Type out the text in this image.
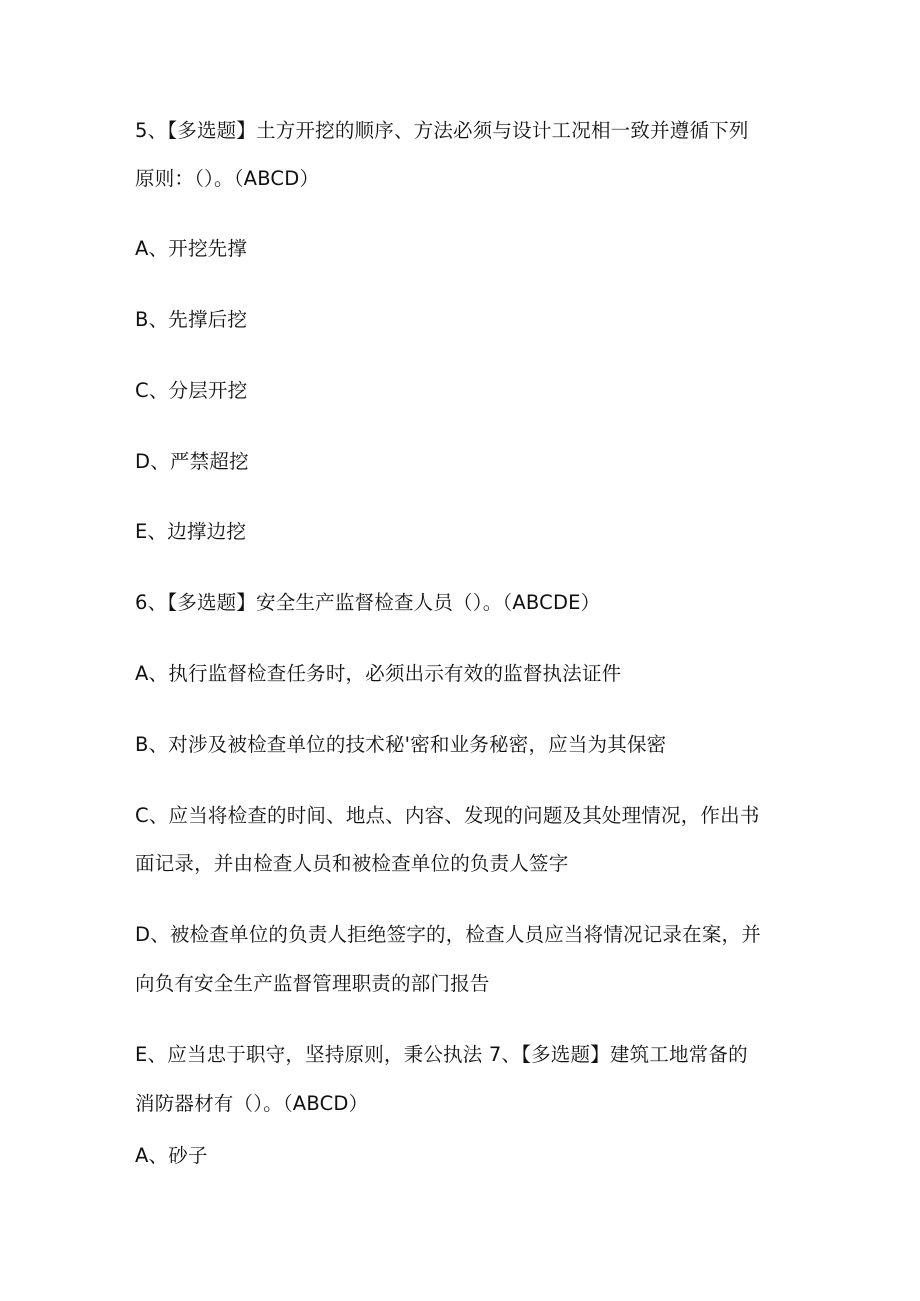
5、【多选题】土方开挖的顺序、方法必须与设计工况相一致并遵循下列
原则：（）。（ABCD）
A、开挖先撑
B、先撑后挖
C、分层开挖
D、严禁超挖
E、边撑边挖
6、【多选题】安全生产监督检查人员（）。（ABCDE）
A、执行监督检查任务时，必须出示有效的监督执法证件
B、对涉及被检查单位的技术秘'密和业务秘密，应当为其保密
C、应当将检查的时间、地点、内容、发现的问题及其处理情况，作出书
面记录，并由检查人员和被检查单位的负责人签字
D、被检查单位的负责人拒绝签字的，检查人员应当将情况记录在案，并
向负有安全生产监督管理职责的部门报告
E、应当忠于职守，坚持原则，秉公执法 7、【多选题】建筑工地常备的
消防器材有（）。（ABCD）
A、砂子
